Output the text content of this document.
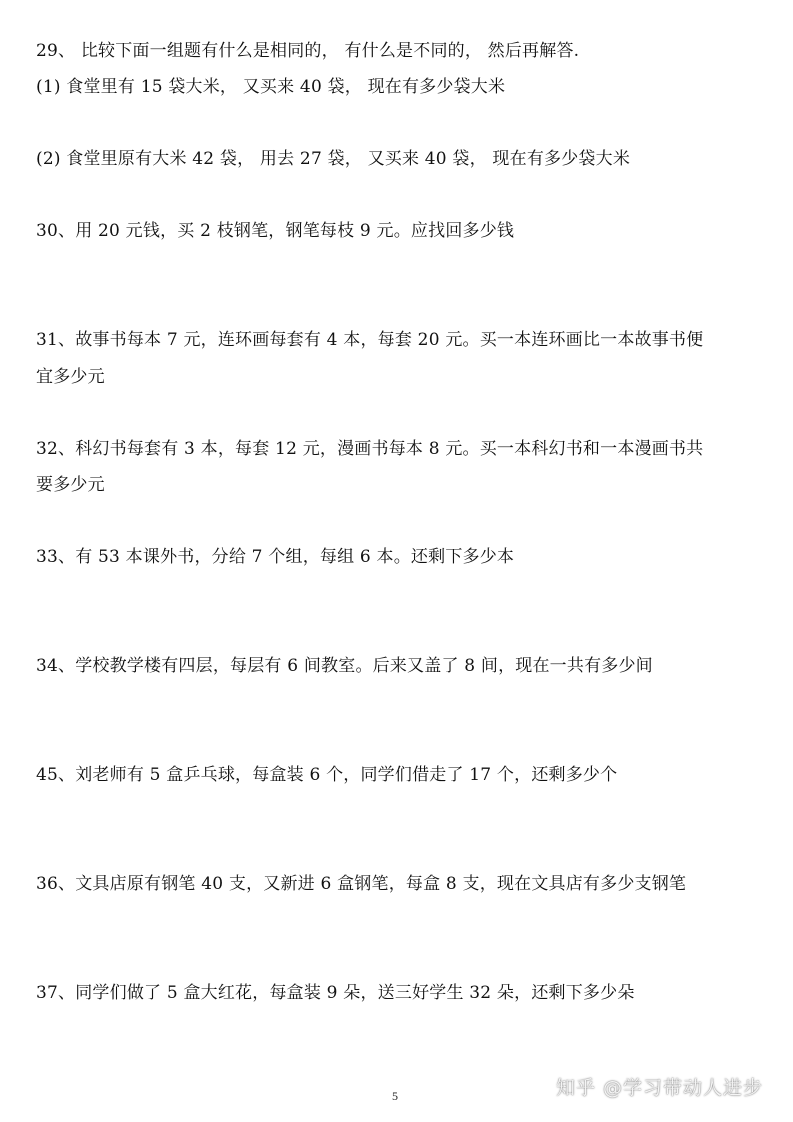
29、 比较下面一组题有什么是相同的， 有什么是不同的， 然后再解答.
(1) 食堂里有 15 袋大米， 又买来 40 袋， 现在有多少袋大米
(2) 食堂里原有大米 42 袋， 用去 27 袋， 又买来 40 袋， 现在有多少袋大米
30、用 20 元钱，买 2 枝钢笔，钢笔每枝 9 元。应找回多少钱
31、故事书每本 7 元，连环画每套有 4 本，每套 20 元。买一本连环画比一本故事书便
宜多少元
32、科幻书每套有 3 本，每套 12 元，漫画书每本 8 元。买一本科幻书和一本漫画书共
要多少元
33、有 53 本课外书，分给 7 个组，每组 6 本。还剩下多少本
34、学校教学楼有四层，每层有 6 间教室。后来又盖了 8 间，现在一共有多少间
45、刘老师有 5 盒乒乓球，每盒装 6 个，同学们借走了 17 个，还剩多少个
36、文具店原有钢笔 40 支，又新进 6 盒钢笔，每盒 8 支，现在文具店有多少支钢笔
37、同学们做了 5 盒大红花，每盒装 9 朵，送三好学生 32 朵，还剩下多少朵
5	知乎 @学习带动人进步
